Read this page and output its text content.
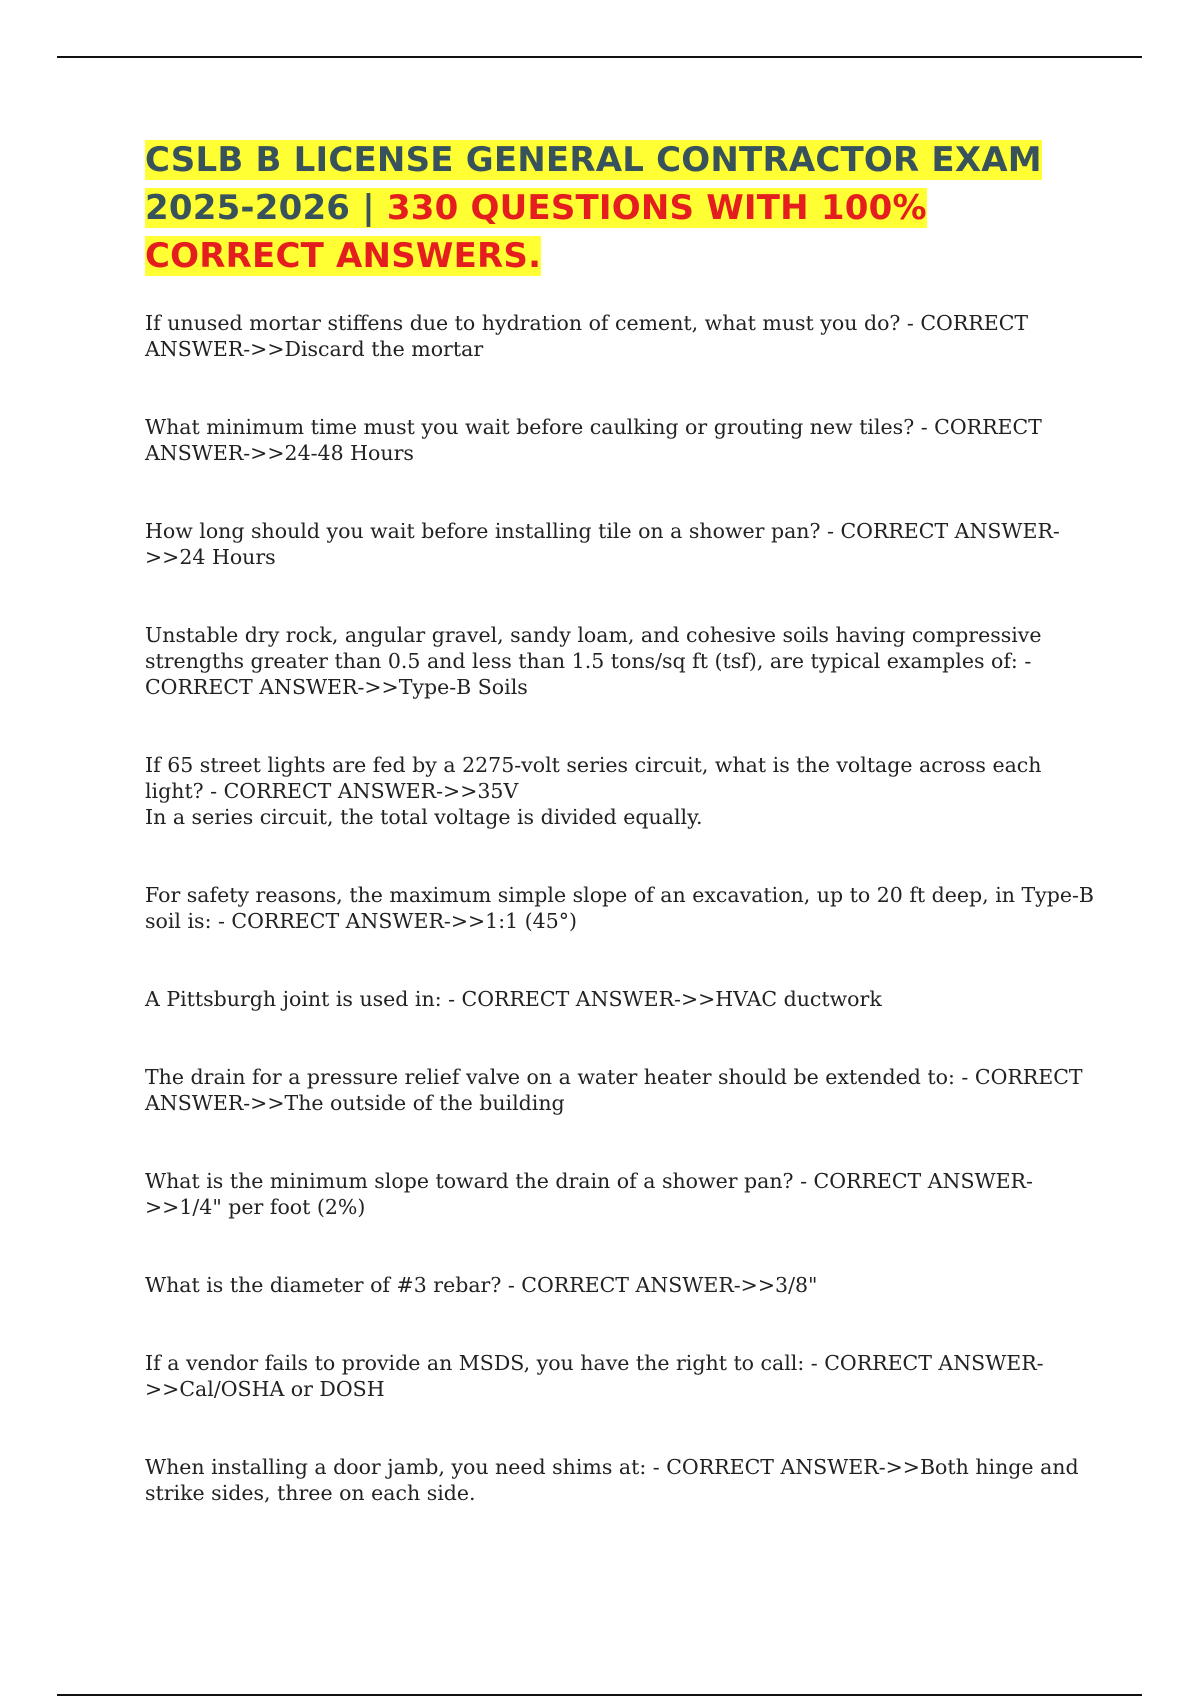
CSLB B LICENSE GENERAL CONTRACTOR EXAM 2025-2026 | 330 QUESTIONS WITH 100% CORRECT ANSWERS.

If unused mortar stiffens due to hydration of cement, what must you do? - CORRECT ANSWER->>Discard the mortar

What minimum time must you wait before caulking or grouting new tiles? - CORRECT ANSWER->>24-48 Hours

How long should you wait before installing tile on a shower pan? - CORRECT ANSWER->>24 Hours

Unstable dry rock, angular gravel, sandy loam, and cohesive soils having compressive strengths greater than 0.5 and less than 1.5 tons/sq ft (tsf), are typical examples of: - CORRECT ANSWER->>Type-B Soils

If 65 street lights are fed by a 2275-volt series circuit, what is the voltage across each light? - CORRECT ANSWER->>35V
In a series circuit, the total voltage is divided equally.

For safety reasons, the maximum simple slope of an excavation, up to 20 ft deep, in Type-B soil is: - CORRECT ANSWER->>1:1 (45°)

A Pittsburgh joint is used in: - CORRECT ANSWER->>HVAC ductwork

The drain for a pressure relief valve on a water heater should be extended to: - CORRECT ANSWER->>The outside of the building

What is the minimum slope toward the drain of a shower pan? - CORRECT ANSWER->>1/4" per foot (2%)

What is the diameter of #3 rebar? - CORRECT ANSWER->>3/8"

If a vendor fails to provide an MSDS, you have the right to call: - CORRECT ANSWER->>Cal/OSHA or DOSH

When installing a door jamb, you need shims at: - CORRECT ANSWER->>Both hinge and strike sides, three on each side.
